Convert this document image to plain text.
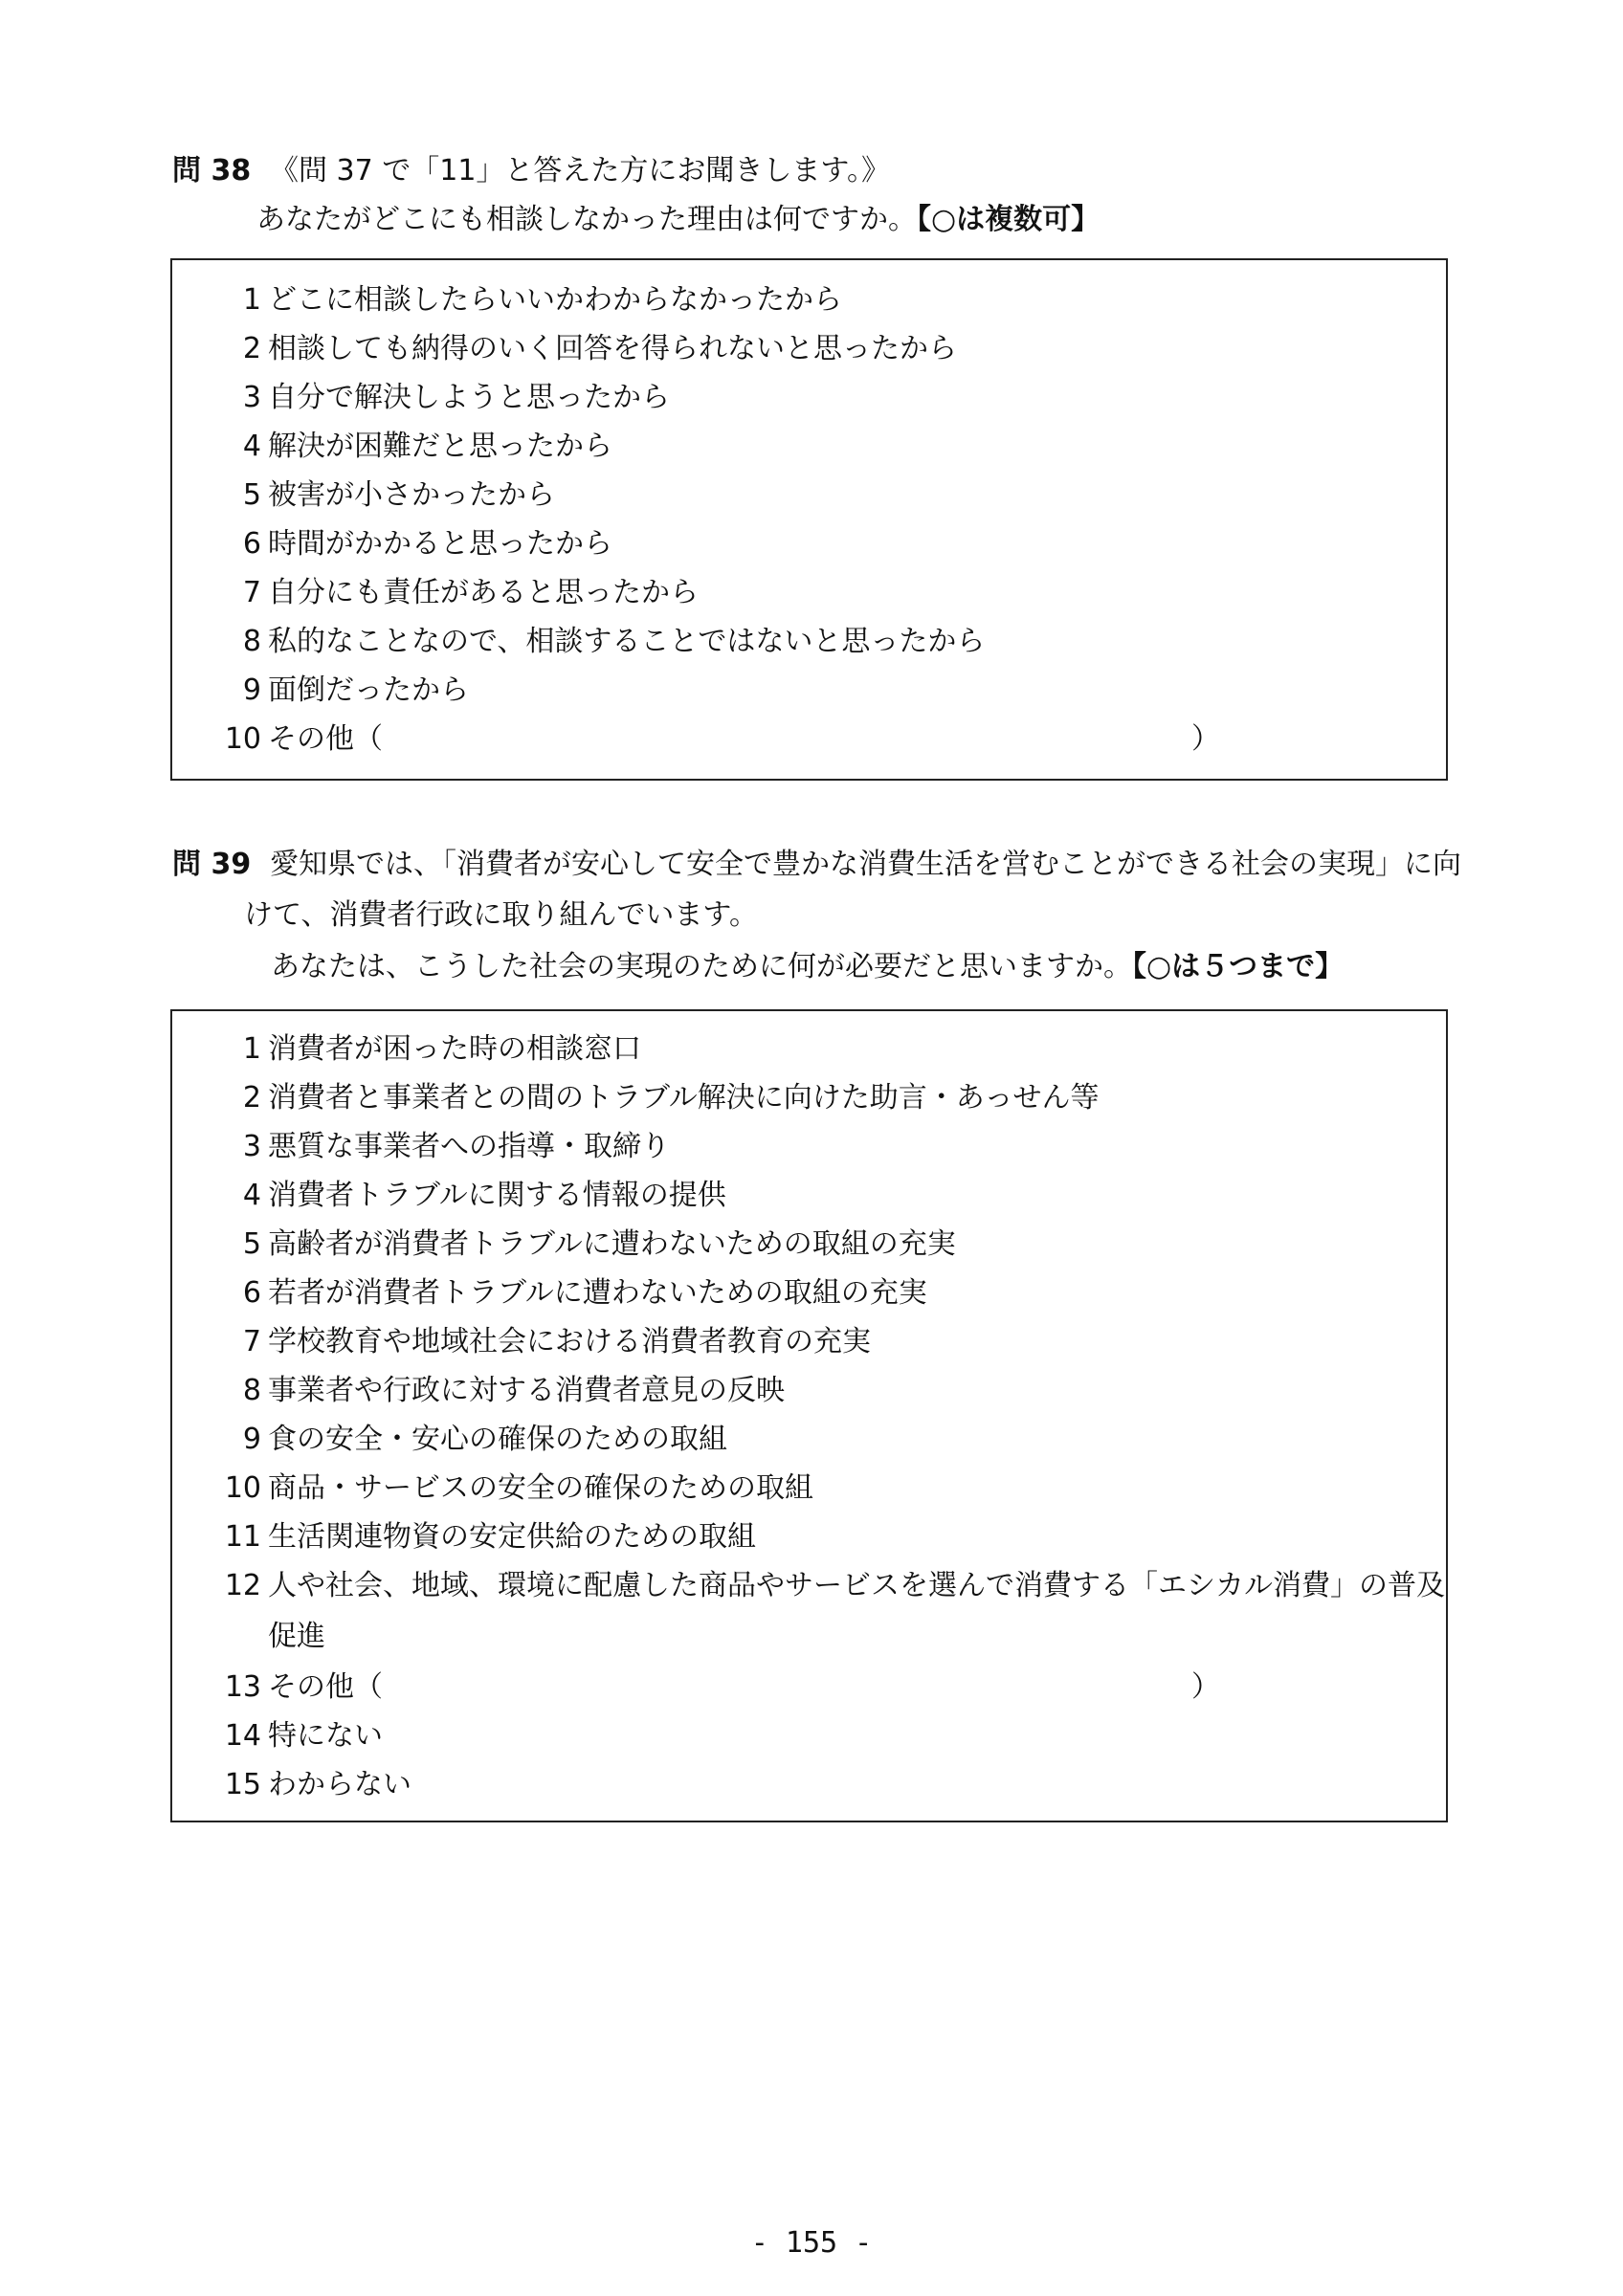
問 38 《問 37 で「11」と答えた方にお聞きします。》
あなたがどこにも相談しなかった理由は何ですか。【○は複数可】
1 どこに相談したらいいかわからなかったから
2 相談しても納得のいく回答を得られないと思ったから
3 自分で解決しようと思ったから
4 解決が困難だと思ったから
5 被害が小さかったから
6 時間がかかると思ったから
7 自分にも責任があると思ったから
8 私的なことなので、相談することではないと思ったから
9 面倒だったから
10 その他（	）
問 39 愛知県では、「消費者が安心して安全で豊かな消費生活を営むことができる社会の実現」に向
けて、消費者行政に取り組んでいます。
あなたは、こうした社会の実現のために何が必要だと思いますか。【○は５つまで】
1 消費者が困った時の相談窓口
2 消費者と事業者との間のトラブル解決に向けた助言・あっせん等
3 悪質な事業者への指導・取締り
4 消費者トラブルに関する情報の提供
5 高齢者が消費者トラブルに遭わないための取組の充実
6 若者が消費者トラブルに遭わないための取組の充実
7 学校教育や地域社会における消費者教育の充実
8 事業者や行政に対する消費者意見の反映
9 食の安全・安心の確保のための取組
10 商品・サービスの安全の確保のための取組
11 生活関連物資の安定供給のための取組
12 人や社会、地域、環境に配慮した商品やサービスを選んで消費する「エシカル消費」の普及
促進
13 その他（	）
14 特にない
15 わからない
- 155 -
